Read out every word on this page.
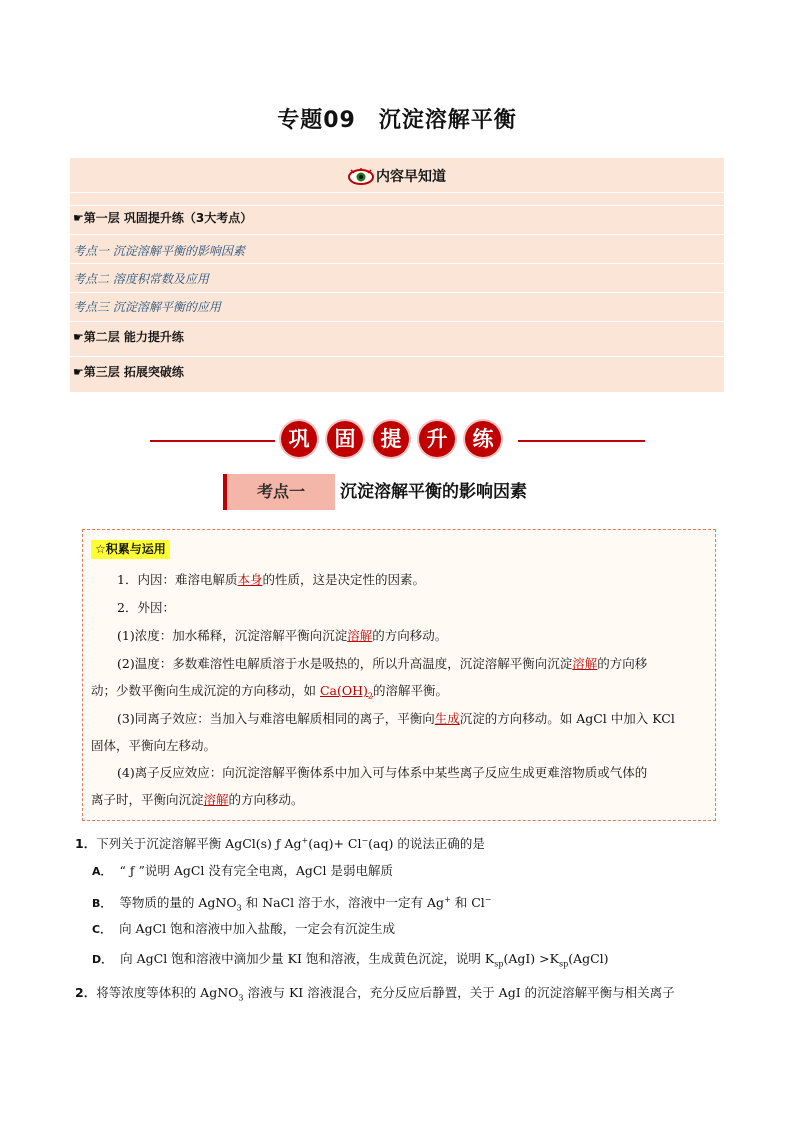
专题09　沉淀溶解平衡
内容早知道
☛第一层 巩固提升练（3大考点）
考点一 沉淀溶解平衡的影响因素
考点二 溶度积常数及应用
考点三 沉淀溶解平衡的应用
☛第二层 能力提升练
☛第三层 拓展突破练
巩 固 提 升 练
考点一	沉淀溶解平衡的影响因素
☆积累与运用
1．内因：难溶电解质本身的性质，这是决定性的因素。
2．外因：
(1)浓度：加水稀释，沉淀溶解平衡向沉淀溶解的方向移动。
(2)温度：多数难溶性电解质溶于水是吸热的，所以升高温度，沉淀溶解平衡向沉淀溶解的方向移
动；少数平衡向生成沉淀的方向移动，如 $Ca(OH)_2$的溶解平衡。
(3)同离子效应：当加入与难溶电解质相同的离子，平衡向生成沉淀的方向移动。如 AgCl 中加入 KCl
固体，平衡向左移动。
(4)离子反应效应：向沉淀溶解平衡体系中加入可与体系中某些离子反应生成更难溶物质或气体的
离子时，平衡向沉淀溶解的方向移动。
1．下列关于沉淀溶解平衡 AgCl(s) ƒ Ag+(aq)+ Cl−(aq) 的说法正确的是
A． “ ƒ ”说明 AgCl 没有完全电离，AgCl 是弱电解质
B． 等物质的量的 AgNO$_3$ 和 NaCl 溶于水，溶液中一定有 Ag+ 和 Cl−
C． 向 AgCl 饱和溶液中加入盐酸，一定会有沉淀生成
D． 向 AgCl 饱和溶液中滴加少量 KI 饱和溶液，生成黄色沉淀，说明 $K_{sp}(AgI)$ $>K_{sp}(AgCl)$
2．将等浓度等体积的 AgNO$_3$ 溶液与 KI 溶液混合，充分反应后静置，关于 AgI 的沉淀溶解平衡与相关离子
